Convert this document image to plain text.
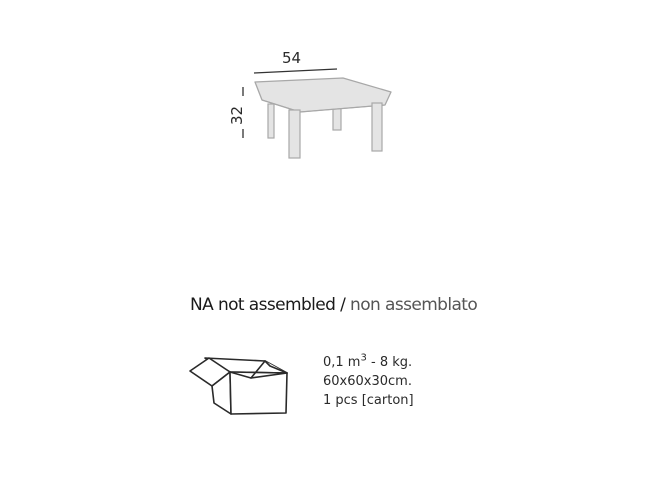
54
32
NA not assembled / non assemblato
0,1 $m^3 - 8$ kg.
60x60x30cm.
1 pcs [carton]
